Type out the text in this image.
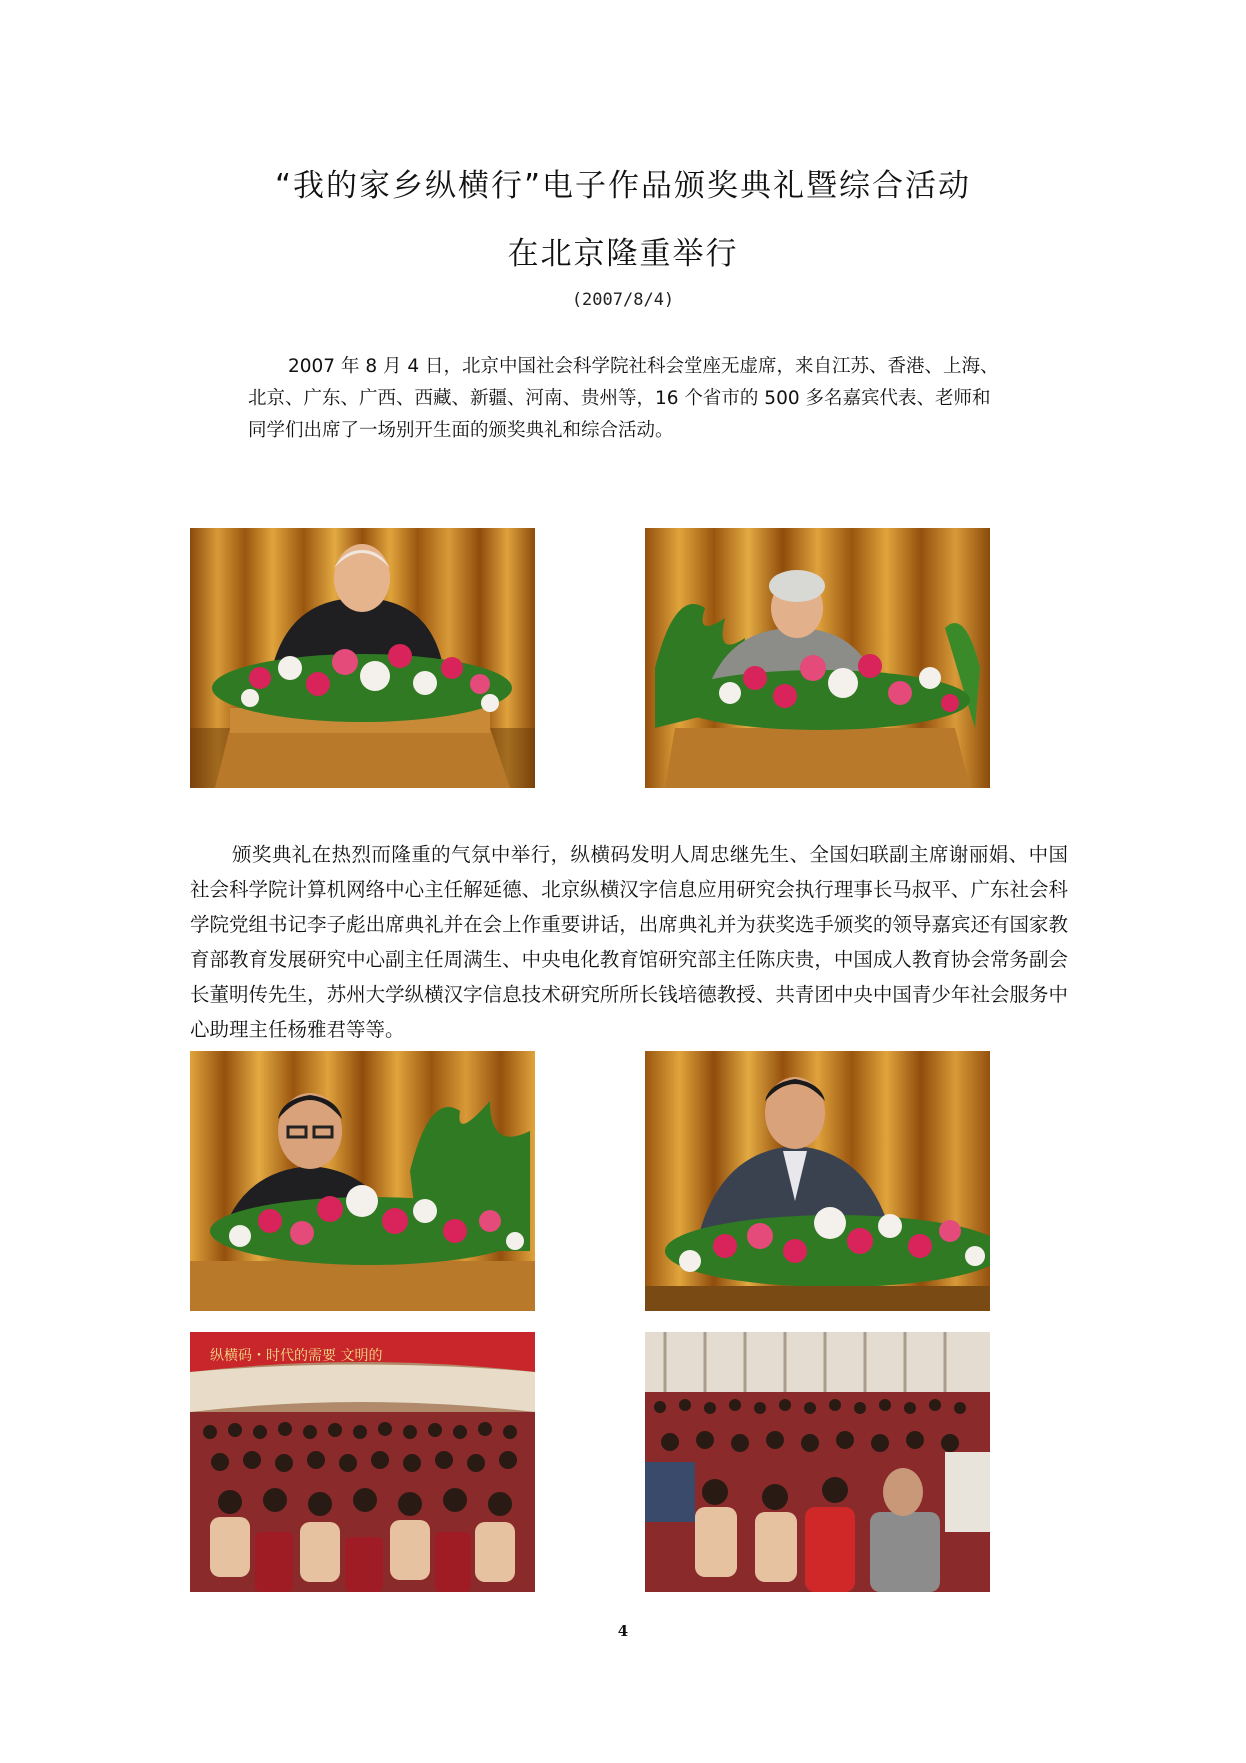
“我的家乡纵横行”电子作品颁奖典礼暨综合活动
在北京隆重举行
(2007/8/4)

2007 年 8 月 4 日，北京中国社会科学院社科会堂座无虚席，来自江苏、香港、上海、北京、广东、广西、西藏、新疆、河南、贵州等，16 个省市的 500 多名嘉宾代表、老师和同学们出席了一场别开生面的颁奖典礼和综合活动。

颁奖典礼在热烈而隆重的气氛中举行，纵横码发明人周忠继先生、全国妇联副主席谢丽娟、中国社会科学院计算机网络中心主任解延德、北京纵横汉字信息应用研究会执行理事长马叔平、广东社会科学院党组书记李子彪出席典礼并在会上作重要讲话，出席典礼并为获奖选手颁奖的领导嘉宾还有国家教育部教育发展研究中心副主任周满生、中央电化教育馆研究部主任陈庆贵，中国成人教育协会常务副会长董明传先生，苏州大学纵横汉字信息技术研究所所长钱培德教授、共青团中央中国青少年社会服务中心助理主任杨雅君等等。

纵横码・时代的需要 文明的
4
